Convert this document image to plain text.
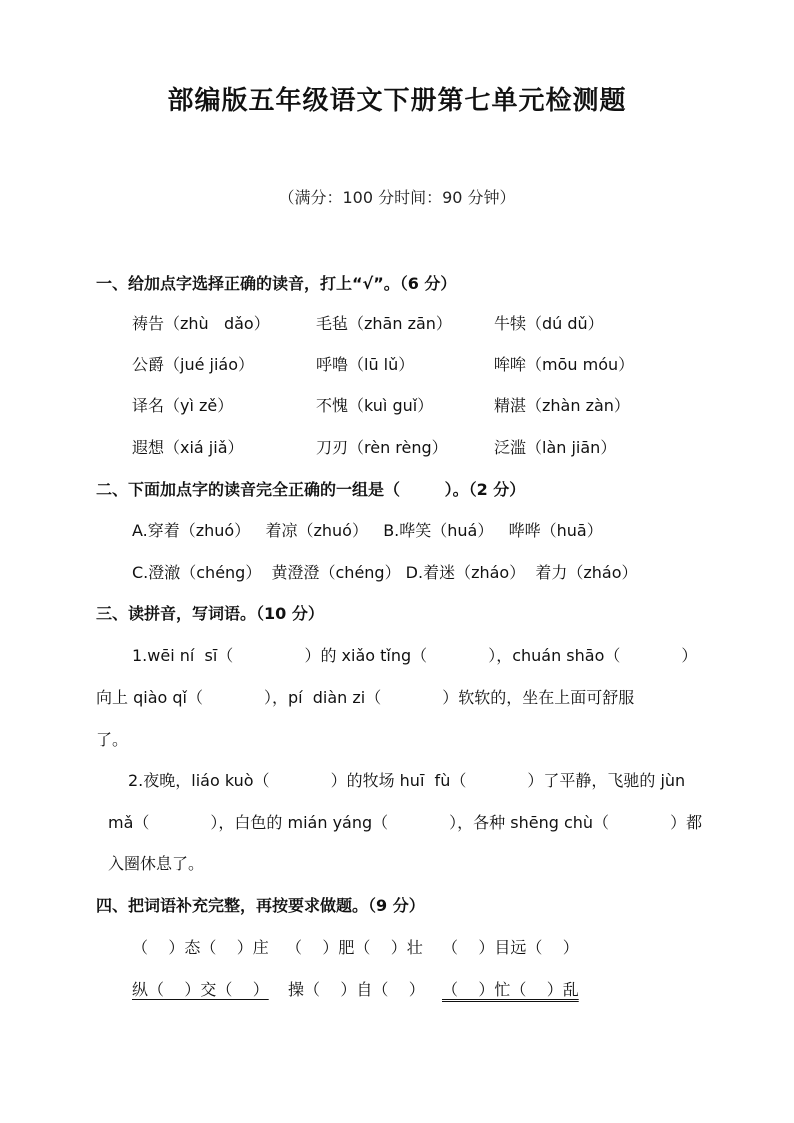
部编版五年级语文下册第七单元检测题
（满分：100 分时间：90 分钟）
一、给加点字选择正确的读音，打上“√”。（6 分）
祷告（zhù   dǎo）	毛毡（zhān zān）	牛犊（dú dǔ）
公爵（jué jiáo）	呼噜（lū lǔ）	哞哞（mōu móu）
译名（yì zě）	不愧（kuì guǐ）	精湛（zhàn zàn）
遐想（xiá jiǎ）	刀刃（rèn rèng）	泛滥（làn jiān）
二、下面加点字的读音完全正确的一组是（        ）。（2 分）
A.穿着（zhuó）   着凉（zhuó）   B.哗笑（huá）   哗哗（huā）
C.澄澈（chéng）  黄澄澄（chéng） D.着迷（zháo）  着力（zháo）
三、读拼音，写词语。（10 分）
1.wēi ní  sī（              ）的 xiǎo tǐng（            ），chuán shāo（            ）
向上 qiào qǐ（            ），pí  diàn zi（            ）软软的，坐在上面可舒服
了。
2.夜晚，liáo kuò（            ）的牧场 huī  fù（            ）了平静，飞驰的 jùn
mǎ（            ），白色的 mián yáng（            ），各种 shēng chù（            ）都
入圈休息了。
四、把词语补充完整，再按要求做题。（9 分）
（    ）态（    ）庄 （    ）肥（    ）壮 （    ）目远（    ）
纵（    ）交（    ） 操（    ）自（    ） （    ）忙（    ）乱
